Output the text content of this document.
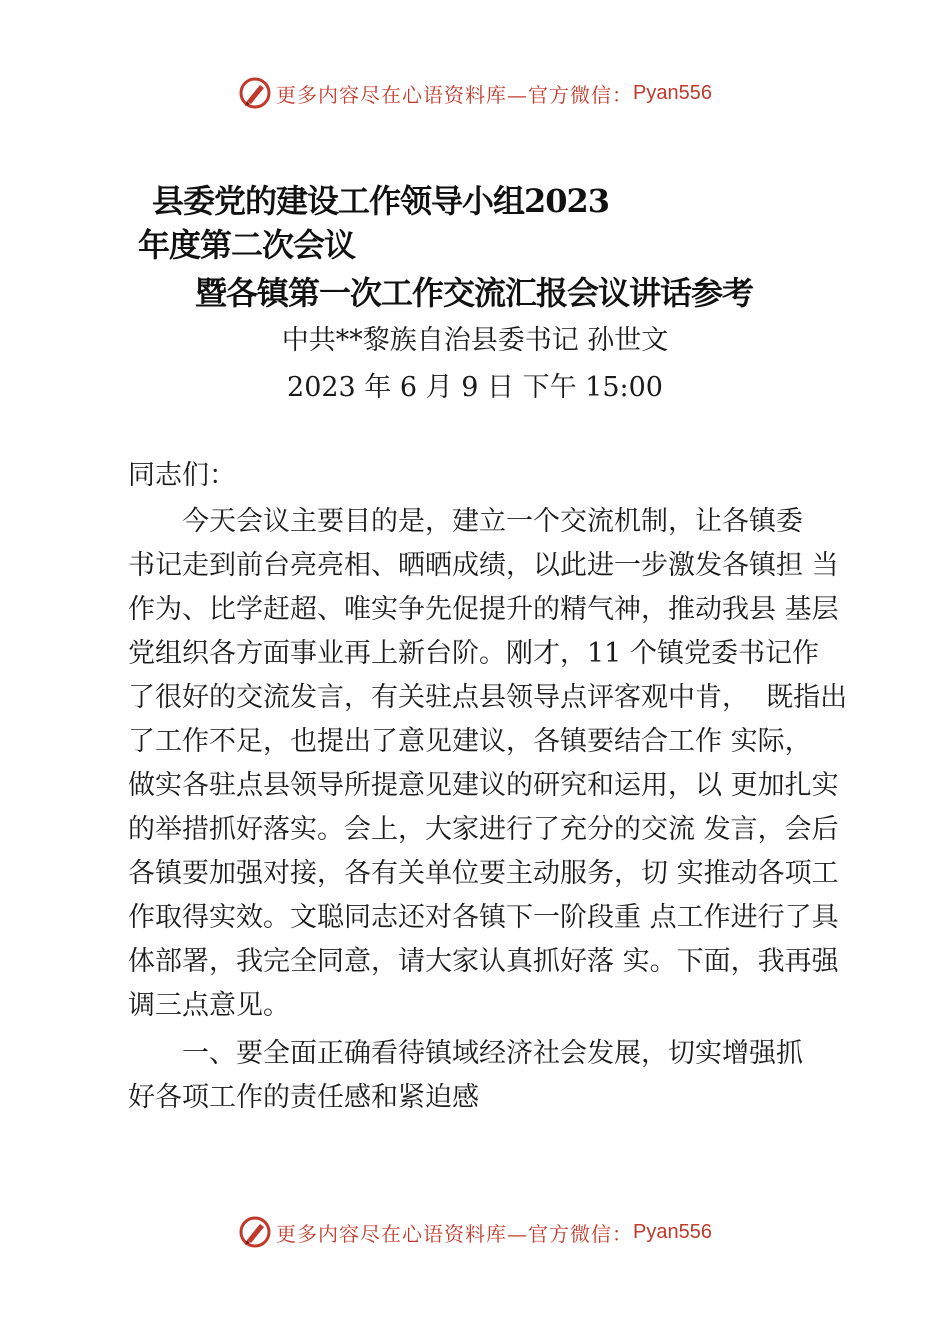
更多内容尽在心语资料库—官方微信： Pyan556
县委党的建设工作领导小组2023
年度第二次会议
暨各镇第一次工作交流汇报会议讲话参考
中共**黎族自治县委书记 孙世文
2023 年 6 月 9 日 下午 15:00
同志们：
　　今天会议主要目的是，建立一个交流机制，让各镇委
书记走到前台亮亮相、晒晒成绩，以此进一步激发各镇担 当
作为、比学赶超、唯实争先促提升的精气神，推动我县 基层
党组织各方面事业再上新台阶。刚才，11 个镇党委书记作
了很好的交流发言，有关驻点县领导点评客观中肯，  既指出
了工作不足，也提出了意见建议，各镇要结合工作 实际，
做实各驻点县领导所提意见建议的研究和运用，以 更加扎实
的举措抓好落实。会上，大家进行了充分的交流 发言，会后
各镇要加强对接，各有关单位要主动服务，切 实推动各项工
作取得实效。文聪同志还对各镇下一阶段重 点工作进行了具
体部署，我完全同意，请大家认真抓好落 实。下面，我再强
调三点意见。
　　一、要全面正确看待镇域经济社会发展，切实增强抓
好各项工作的责任感和紧迫感
更多内容尽在心语资料库—官方微信： Pyan556
